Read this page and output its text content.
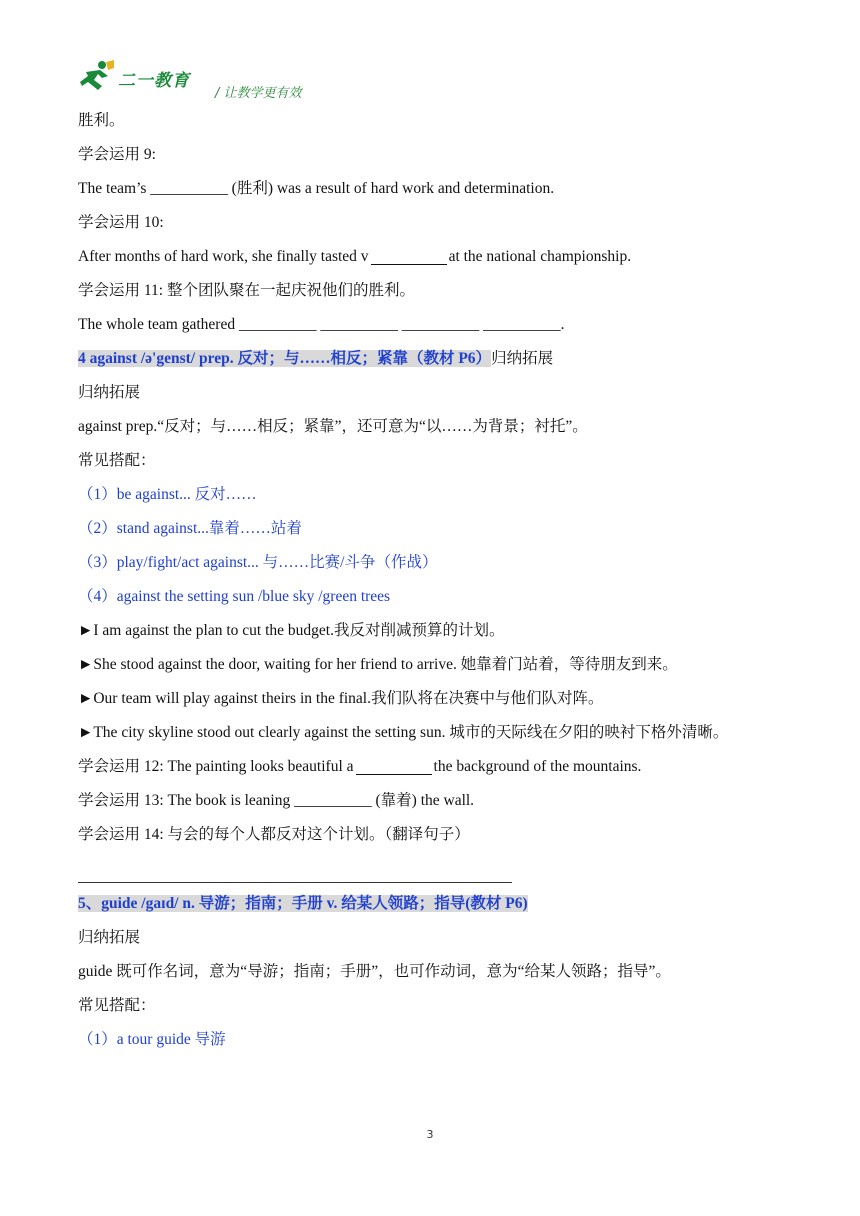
二一教育
/ 让教学更有效
胜利。
学会运用 9:
The team’s __________ (胜利) was a result of hard work and determination.
学会运用 10:
After months of hard work, she finally tasted v	at the national championship.
学会运用 11: 整个团队聚在一起庆祝他们的胜利。
The whole team gathered __________ __________ __________ __________.
4 against /ə'genst/ prep. 反对；与……相反；紧靠（教材 P6）归纳拓展
归纳拓展
against prep.“反对；与……相反；紧靠”，还可意为“以……为背景；衬托”。
常见搭配：
（1）be against... 反对……
（2）stand against...靠着……站着
（3）play/fight/act against... 与……比赛/斗争（作战）
（4）against the setting sun /blue sky /green trees
►I am against the plan to cut the budget.我反对削减预算的计划。
►She stood against the door, waiting for her friend to arrive. 她靠着门站着，等待朋友到来。
►Our team will play against theirs in the final.我们队将在决赛中与他们队对阵。
►The city skyline stood out clearly against the setting sun. 城市的天际线在夕阳的映衬下格外清晰。
学会运用 12: The painting looks beautiful a	the background of the mountains.
学会运用 13: The book is leaning __________ (靠着) the wall.
学会运用 14: 与会的每个人都反对这个计划。（翻译句子）
5、guide /gaɪd/ n. 导游；指南；手册 v. 给某人领路；指导(教材 P6)
归纳拓展
guide 既可作名词，意为“导游；指南；手册”，也可作动词，意为“给某人领路；指导”。
常见搭配：
（1）a tour guide 导游
3
